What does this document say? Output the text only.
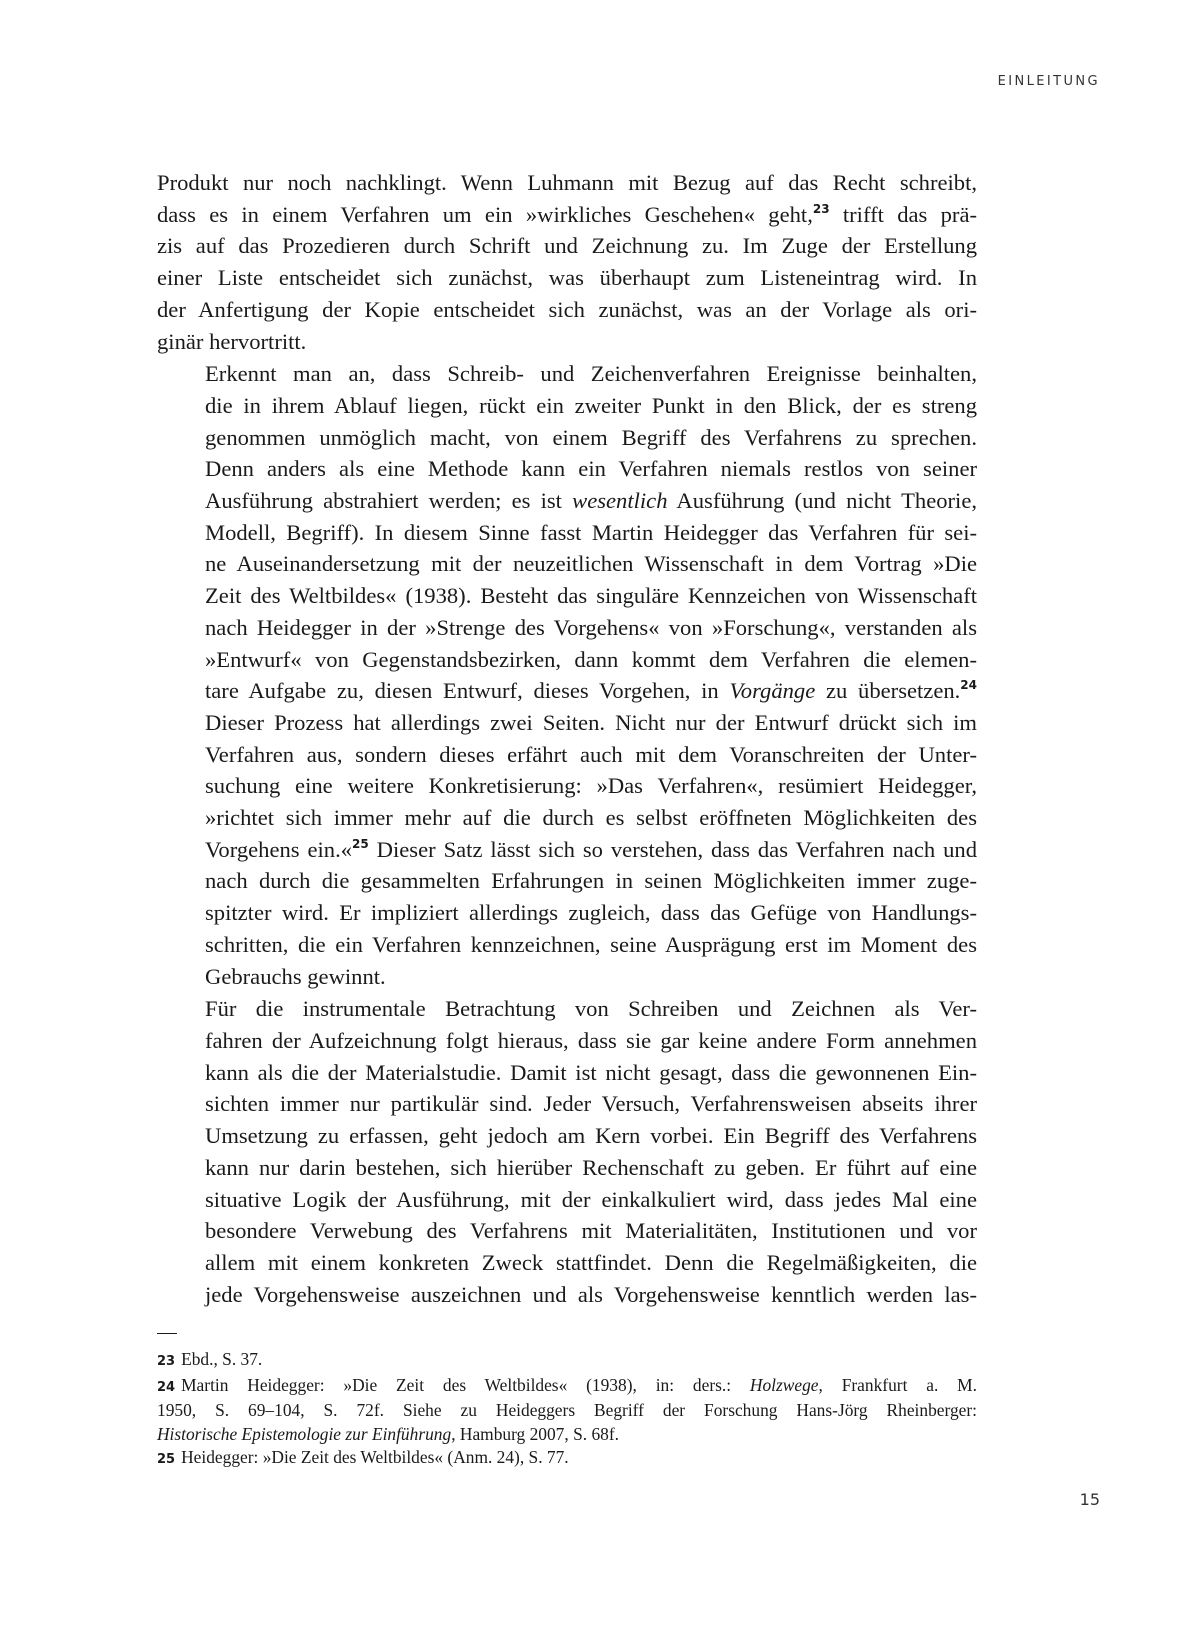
EINLEITUNG

Produkt nur noch nachklingt. Wenn Luhmann mit Bezug auf das Recht schreibt,
dass es in einem Verfahren um ein »wirkliches Geschehen« geht,$^{23}$ trifft das prä-
zis auf das Prozedieren durch Schrift und Zeichnung zu. Im Zuge der Erstellung
einer Liste entscheidet sich zunächst, was überhaupt zum Listeneintrag wird. In
der Anfertigung der Kopie entscheidet sich zunächst, was an der Vorlage als ori-
ginär hervortritt.

Erkennt man an, dass Schreib- und Zeichenverfahren Ereignisse beinhalten,
die in ihrem Ablauf liegen, rückt ein zweiter Punkt in den Blick, der es streng
genommen unmöglich macht, von einem Begriff des Verfahrens zu sprechen.
Denn anders als eine Methode kann ein Verfahren niemals restlos von seiner
Ausführung abstrahiert werden; es ist wesentlich Ausführung (und nicht Theorie,
Modell, Begriff). In diesem Sinne fasst Martin Heidegger das Verfahren für sei-
ne Auseinandersetzung mit der neuzeitlichen Wissenschaft in dem Vortrag »Die
Zeit des Weltbildes« (1938). Besteht das singuläre Kennzeichen von Wissenschaft
nach Heidegger in der »Strenge des Vorgehens« von »Forschung«, verstanden als
»Entwurf« von Gegenstandsbezirken, dann kommt dem Verfahren die elemen-
tare Aufgabe zu, diesen Entwurf, dieses Vorgehen, in Vorgänge zu übersetzen.$^{24}$
Dieser Prozess hat allerdings zwei Seiten. Nicht nur der Entwurf drückt sich im
Verfahren aus, sondern dieses erfährt auch mit dem Voranschreiten der Unter-
suchung eine weitere Konkretisierung: »Das Verfahren«, resümiert Heidegger,
»richtet sich immer mehr auf die durch es selbst eröffneten Möglichkeiten des
Vorgehens ein.«$^{25}$ Dieser Satz lässt sich so verstehen, dass das Verfahren nach und
nach durch die gesammelten Erfahrungen in seinen Möglichkeiten immer zuge-
spitzter wird. Er impliziert allerdings zugleich, dass das Gefüge von Handlungs-
schritten, die ein Verfahren kennzeichnen, seine Ausprägung erst im Moment des
Gebrauchs gewinnt.

Für die instrumentale Betrachtung von Schreiben und Zeichnen als Ver-
fahren der Aufzeichnung folgt hieraus, dass sie gar keine andere Form annehmen
kann als die der Materialstudie. Damit ist nicht gesagt, dass die gewonnenen Ein-
sichten immer nur partikulär sind. Jeder Versuch, Verfahrensweisen abseits ihrer
Umsetzung zu erfassen, geht jedoch am Kern vorbei. Ein Begriff des Verfahrens
kann nur darin bestehen, sich hierüber Rechenschaft zu geben. Er führt auf eine
situative Logik der Ausführung, mit der einkalkuliert wird, dass jedes Mal eine
besondere Verwebung des Verfahrens mit Materialitäten, Institutionen und vor
allem mit einem konkreten Zweck stattfindet. Denn die Regelmäßigkeiten, die
jede Vorgehensweise auszeichnen und als Vorgehensweise kenntlich werden las-

23 Ebd., S. 37.
24 Martin Heidegger: »Die Zeit des Weltbildes« (1938), in: ders.: Holzwege, Frankfurt a. M.
1950, S. 69–104, S. 72f. Siehe zu Heideggers Begriff der Forschung Hans-Jörg Rheinberger:
Historische Epistemologie zur Einführung, Hamburg 2007, S. 68f.
25 Heidegger: »Die Zeit des Weltbildes« (Anm. 24), S. 77.
15
